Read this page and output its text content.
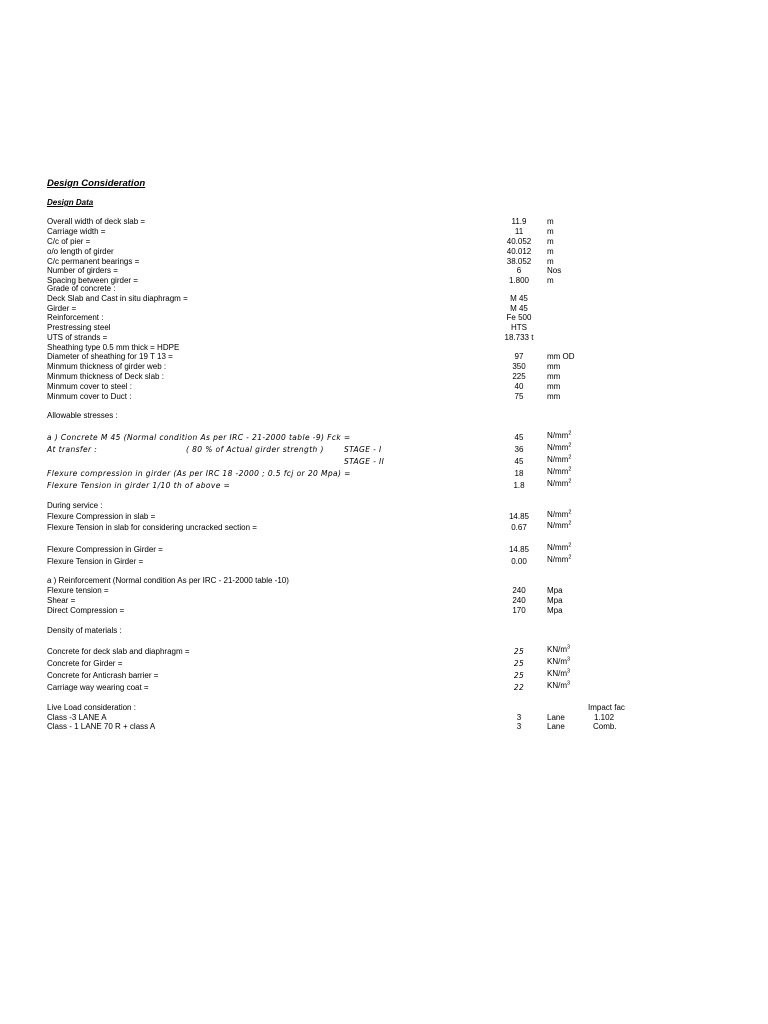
Design Consideration
Design Data
Overall width of deck slab =	11.9	m
Carriage width =	11	m
C/c of pier =	40.052	m
o/o length of girder	40.012	m
C/c permanent bearings =	38.052	m
Number of girders =	6	Nos
Spacing between girder =	1.800	m
Grade of concrete :
Deck Slab and Cast in situ diaphragm =	M 45
Girder =	M 45
Reinforcement :	Fe 500
Prestressing steel	HTS
UTS of strands =	18.733 t
Sheathing type 0.5 mm thick = HDPE
Diameter of sheathing for 19 T 13 =	97	mm OD
Minmum thickness of girder web :	350	mm
Minmum thickness of Deck slab :	225	mm
Minmum cover to steel :	40	mm
Minmum cover to Duct :	75	mm
Allowable stresses :
a ) Concrete M 45 (Normal condition As per IRC - 21-2000 table -9) Fck =	45	$N/mm^2$
At transfer :	( 80 % of Actual girder strength )	STAGE - I	36	$N/mm^2$
STAGE - II	45	$N/mm^2$
Flexure compression in girder (As per IRC 18 -2000 ; 0.5 fcj or 20 Mpa) =	18	$N/mm^2$
Flexure Tension in girder 1/10 th of above =	1.8	$N/mm^2$
During service :
Flexure Compression in slab =	14.85	$N/mm^2$
Flexure Tension in slab for considering uncracked section =	0.67	$N/mm^2$
Flexure Compression in Girder =	14.85	$N/mm^2$
Flexure Tension in Girder =	0.00	$N/mm^2$
a ) Reinforcement (Normal condition As per IRC - 21-2000 table -10)
Flexure tension =	240	Mpa
Shear =	240	Mpa
Direct Compression =	170	Mpa
Density of materials :
Concrete for deck slab and diaphragm =	25	$KN/m^3$
Concrete for Girder =	25	$KN/m^3$
Concrete for Anticrash barrier =	25	$KN/m^3$
Carriage way wearing coat =	22	$KN/m^3$
Live Load consideration :	Impact fac
Class -3 LANE A	3	Lane	1.102
Class - 1 LANE 70 R + class A	3	Lane	Comb.
